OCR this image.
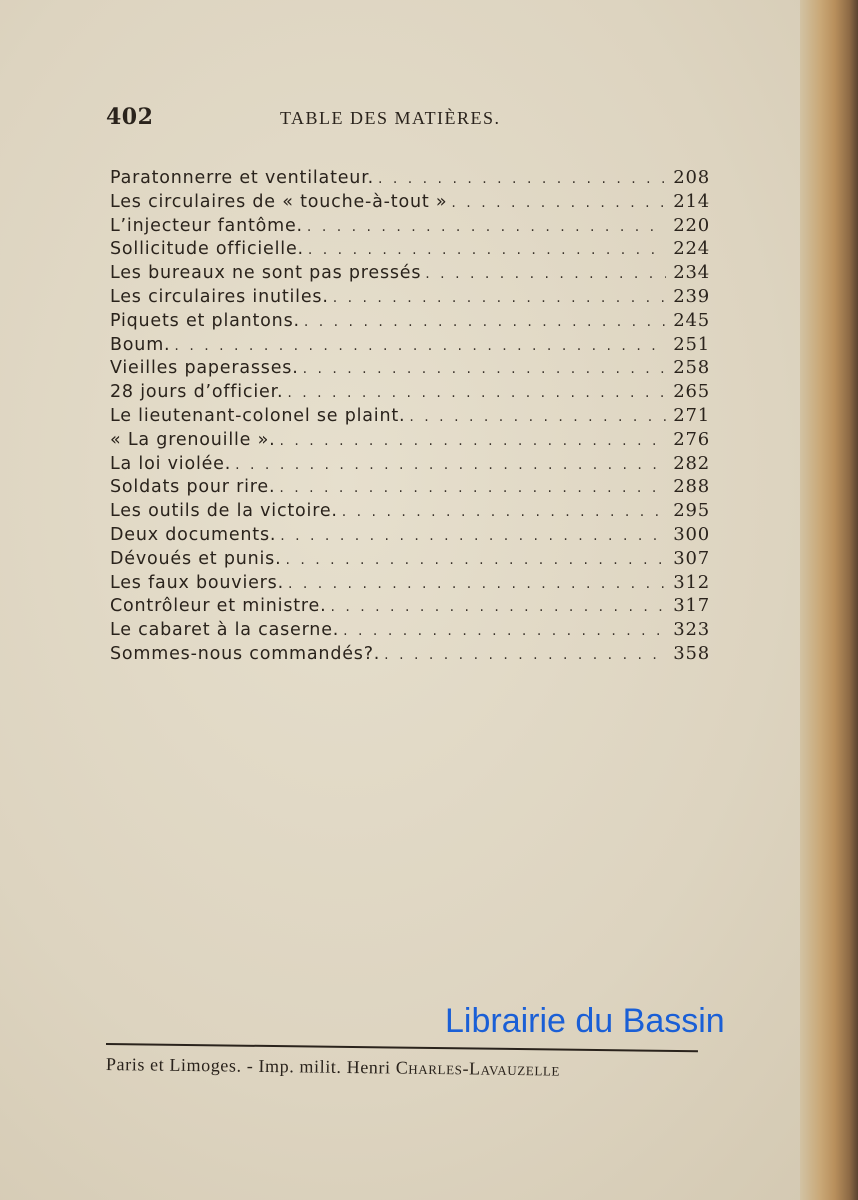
402	TABLE DES MATIÈRES.
Paratonnerre et ventilateur. . . .	208
Les circulaires de « touche-à-tout » . . .	214
L’injecteur fantôme. . . .	220
Sollicitude officielle. . . .	224
Les bureaux ne sont pas pressés . . .	234
Les circulaires inutiles. . . .	239
Piquets et plantons. . . .	245
Boum. . . .	251
Vieilles paperasses. . . .	258
28 jours d’officier. . . .	265
Le lieutenant-colonel se plaint. . . .	271
« La grenouille ». . . .	276
La loi violée. . . .	282
Soldats pour rire. . . .	288
Les outils de la victoire. . . .	295
Deux documents. . . .	300
Dévoués et punis. . . .	307
Les faux bouviers. . . .	312
Contrôleur et ministre. . . .	317
Le cabaret à la caserne. . . .	323
Sommes-nous commandés?. . . .	358
Librairie du Bassin
Paris et Limoges. - Imp. milit. Henri Charles-Lavauzelle
